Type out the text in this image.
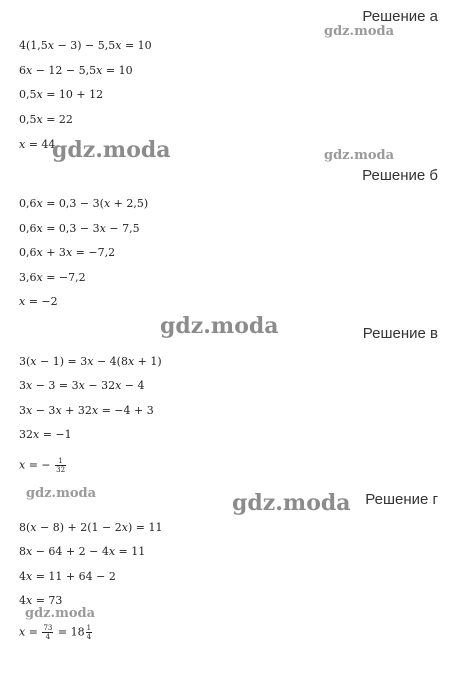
Решение а
4(1,5x − 3) − 5,5x = 10
6x − 12 − 5,5x = 10
0,5x = 10 + 12
0,5x = 22
x = 44
Решение б
0,6x = 0,3 − 3(x + 2,5)
0,6x = 0,3 − 3x − 7,5
0,6x + 3x = −7,2
3,6x = −7,2
x = −2
Решение в
3(x − 1) = 3x − 4(8x + 1)
3x − 3 = 3x − 32x − 4
3x − 3x + 32x = −4 + 3
32x = −1
x = − $\frac{1}{32}$
Решение г
8(x − 8) + 2(1 − 2x) = 11
8x − 64 + 2 − 4x = 11
4x = 11 + 64 − 2
4x = 73
$x = \frac{73}{4} = 18 \frac{1}{4}$
gdz.moda
gdz.moda	gdz.moda
gdz.moda
gdz.moda	gdz.moda
gdz.moda
